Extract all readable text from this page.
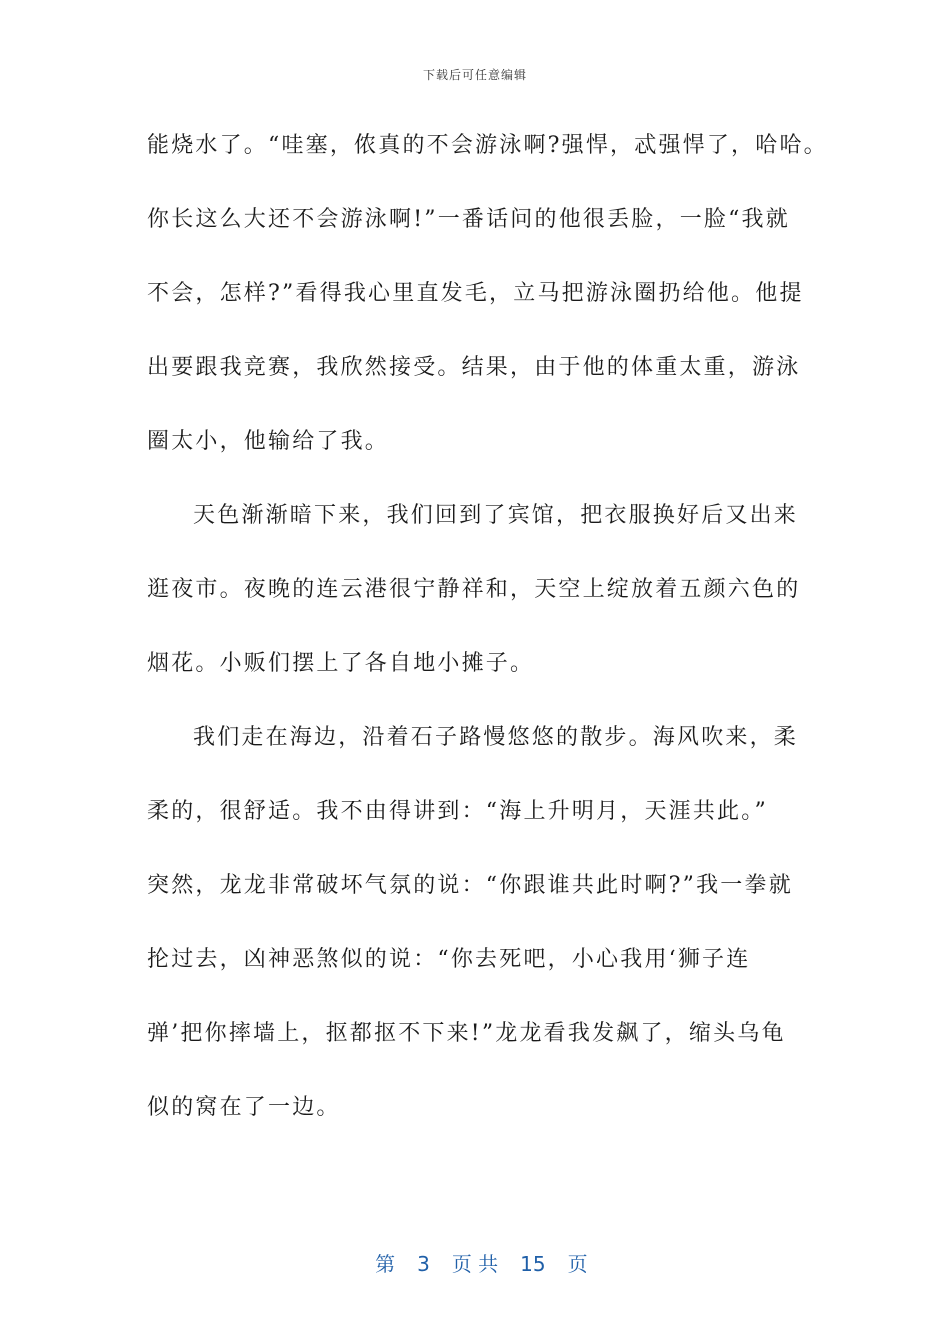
下载后可任意编辑
能烧水了。“哇塞，侬真的不会游泳啊?强悍，忒强悍了，哈哈。
你长这么大还不会游泳啊!”一番话问的他很丢脸，一脸“我就
不会，怎样?”看得我心里直发毛，立马把游泳圈扔给他。他提
出要跟我竞赛，我欣然接受。结果，由于他的体重太重，游泳
圈太小，他输给了我。
天色渐渐暗下来，我们回到了宾馆，把衣服换好后又出来
逛夜市。夜晚的连云港很宁静祥和，天空上绽放着五颜六色的
烟花。小贩们摆上了各自地小摊子。
我们走在海边，沿着石子路慢悠悠的散步。海风吹来，柔
柔的，很舒适。我不由得讲到：“海上升明月，天涯共此。”
突然，龙龙非常破坏气氛的说：“你跟谁共此时啊?”我一拳就
抡过去，凶神恶煞似的说：“你去死吧，小心我用‘狮子连
弹’把你摔墙上，抠都抠不下来!”龙龙看我发飙了，缩头乌龟
似的窝在了一边。

第 3 页 共 15 页
